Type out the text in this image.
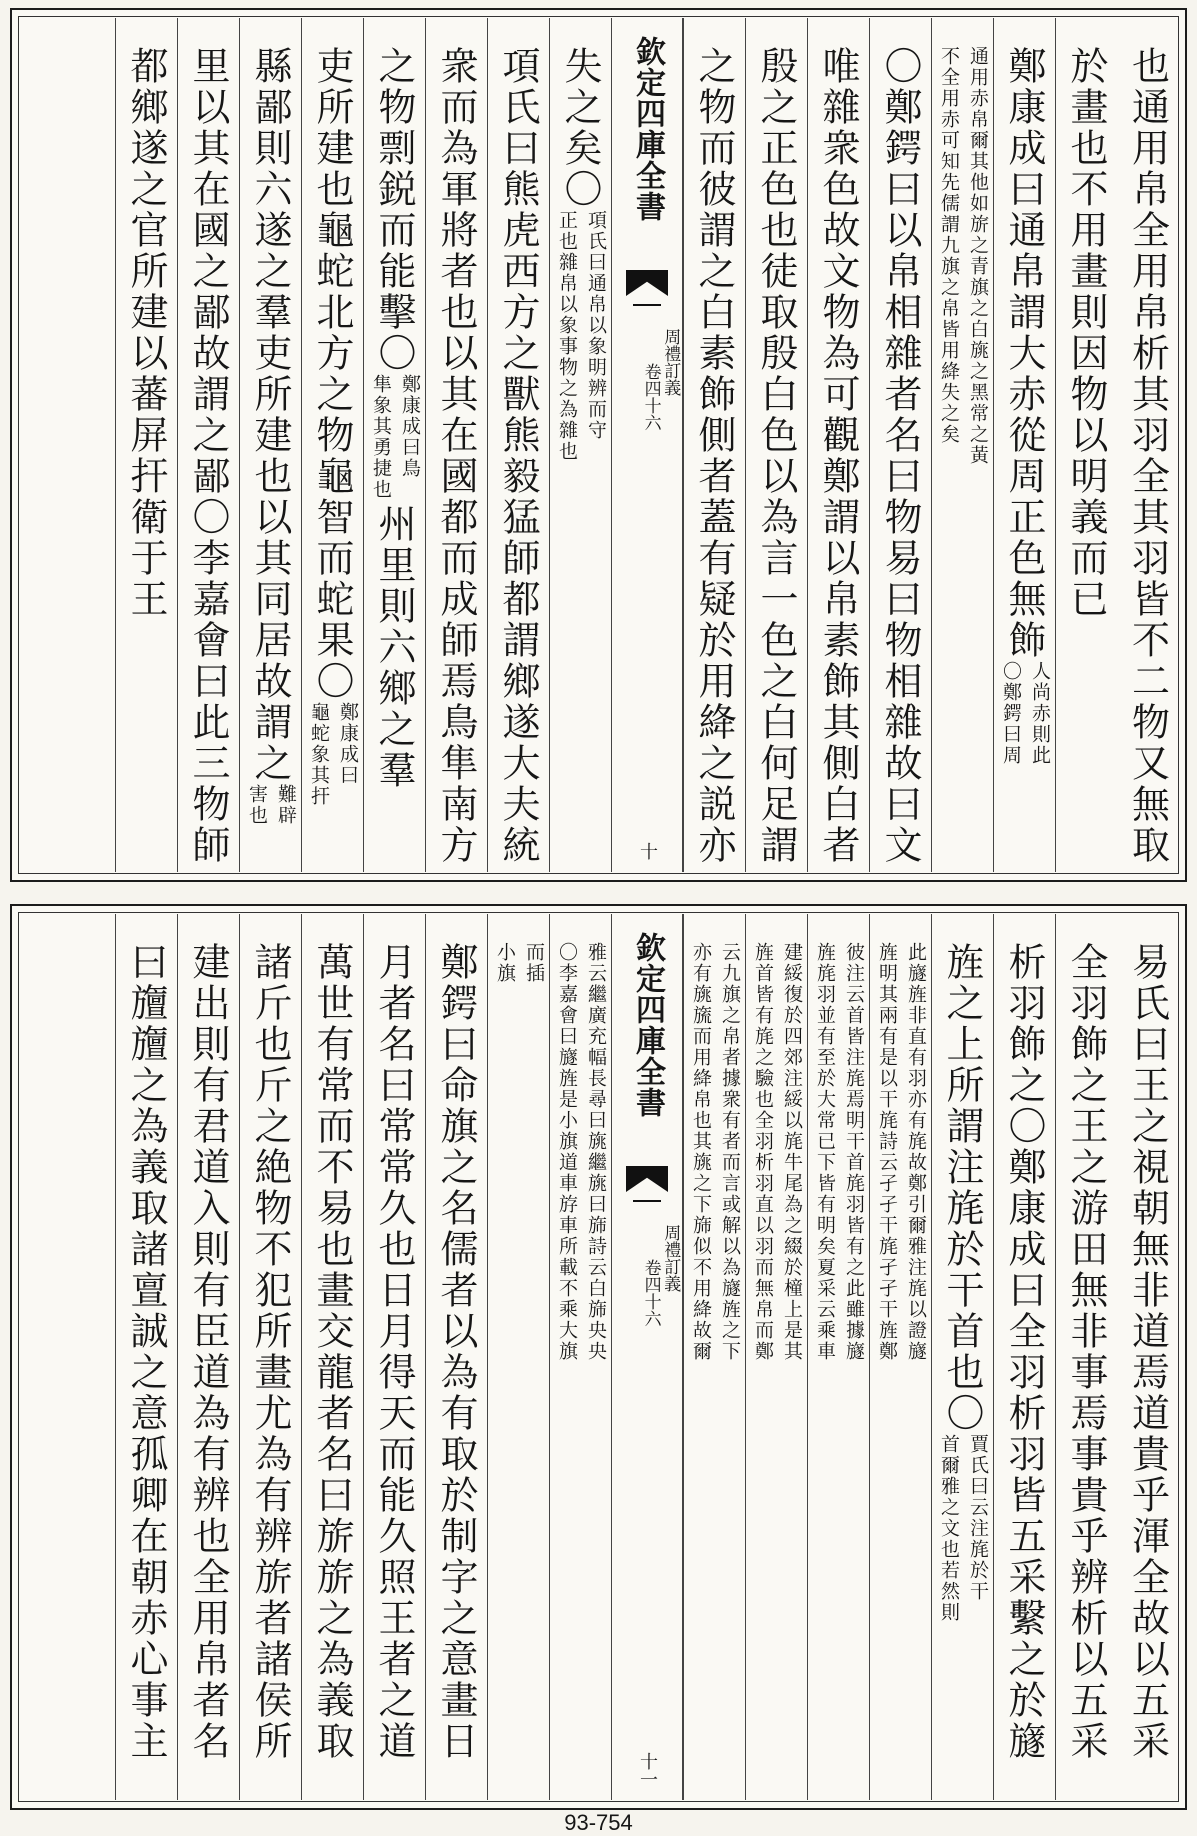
也通用帛全用帛析其羽全其羽皆不二物又無取
於畫也不用畫則因物以明義而已
鄭康成曰通帛謂大赤從周正色無飾
人尚赤則此
〇鄭鍔曰周
通用赤帛爾其他如旂之青旗之白旐之黑常之黃
不全用赤可知先儒謂九旗之帛皆用絳失之矣
〇鄭鍔曰以帛相雜者名曰物易曰物相雜故曰文
唯雜衆色故文物為可觀鄭謂以帛素飾其側白者
殷之正色也徒取殷白色以為言一色之白何足謂
之物而彼謂之白素飾側者蓋有疑於用絳之説亦
欽定四庫全書
周禮訂義
卷四十六
十
失之矣〇
項氏曰通帛以象明辨而守
正也雜帛以象事物之為雜也
項氏曰熊虎西方之獸熊毅猛師都謂鄉遂大夫統
衆而為軍將者也以其在國都而成師焉鳥隼南方
之物剽鋭而能擊〇
鄭康成曰鳥
隼象其勇捷也
州里則六鄉之羣
吏所建也龜蛇北方之物龜智而蛇果〇
鄭康成曰
龜蛇象其扞
縣鄙則六遂之羣吏所建也以其同居故謂之
難辟
害也
里以其在國之鄙故謂之鄙〇李嘉會曰此三物師
都鄉遂之官所建以蕃屏扞衛于王
易氏曰王之視朝無非道焉道貴乎渾全故以五采
全羽飾之王之游田無非事焉事貴乎辨析以五采
析羽飾之〇鄭康成曰全羽析羽皆五采繫之於旞
旌之上所謂注旄於干首也〇
賈氏曰云注旄於干
首爾雅之文也若然則
此旞旌非直有羽亦有旄故鄭引爾雅注旄以證旞
旌明其兩有是以干旄詩云孑孑干旄孑孑干旌鄭
彼注云首皆注旄焉明干首旄羽皆有之此雖據旞
旌旄羽並有至於大常已下皆有明矣夏采云乘車
建綏復於四郊注綏以旄牛尾為之綴於橦上是其
旌首皆有旄之驗也全羽析羽直以羽而無帛而鄭
云九旗之帛者據衆有者而言或解以為旞旌之下
亦有旐旒而用絳帛也其旐之下旆似不用絳故爾
欽定四庫全書
周禮訂義
卷四十六
十一
雅云繼廣充幅長尋曰旐繼旐曰旆詩云白旆央央
〇李嘉會曰旞旌是小旗道車斿車所載不乘大旗
而插
小旗
鄭鍔曰命旗之名儒者以為有取於制字之意畫日
月者名曰常常久也日月得天而能久照王者之道
萬世有常而不易也畫交龍者名曰旂旂之為義取
諸斤也斤之絶物不犯所畫尤為有辨旂者諸侯所
建出則有君道入則有臣道為有辨也全用帛者名
曰旜旜之為義取諸亶誠之意孤卿在朝赤心事主
93-754
